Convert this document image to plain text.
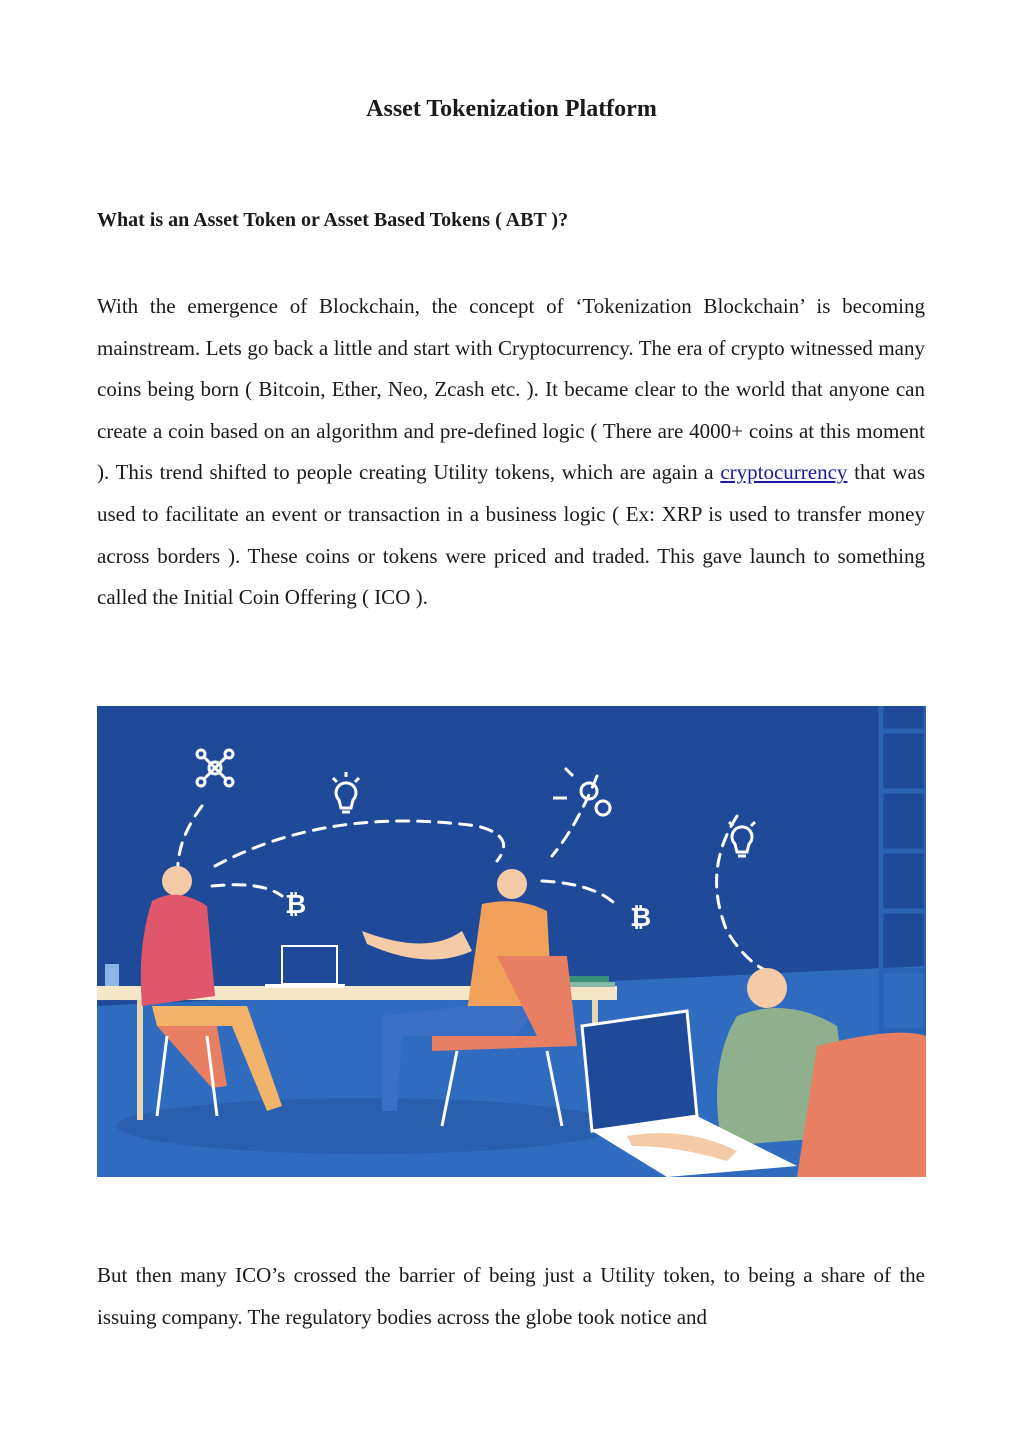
Asset Tokenization Platform
What is an Asset Token or Asset Based Tokens ( ABT )?

With the emergence of Blockchain, the concept of ‘Tokenization Blockchain’ is becoming mainstream. Lets go back a little and start with Cryptocurrency. The era of crypto witnessed many coins being born ( Bitcoin, Ether, Neo, Zcash etc. ). It became clear to the world that anyone can create a coin based on an algorithm and pre-defined logic ( There are 4000+ coins at this moment ). This trend shifted to people creating Utility tokens, which are again a cryptocurrency that was used to facilitate an event or transaction in a business logic ( Ex: XRP is used to transfer money across borders ). These coins or tokens were priced and traded. This gave launch to something called the Initial Coin Offering ( ICO ).

₿	₿

But then many ICO’s crossed the barrier of being just a Utility token, to being a share of the issuing company. The regulatory bodies across the globe took notice and
